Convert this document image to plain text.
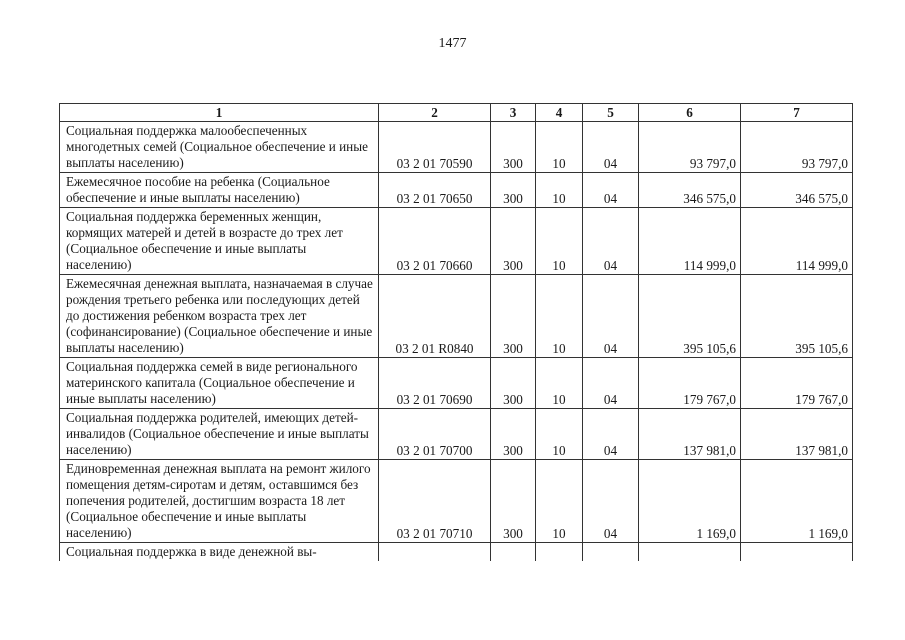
1477
1	2	3	4	5	6	7
Социальная поддержка малообеспеченных многодетных семей (Социальное обеспечение и иные выплаты населению)	03 2 01 70590	300	10	04	93 797,0	93 797,0
Ежемесячное пособие на ребенка (Социальное обеспечение и иные выплаты населению)	03 2 01 70650	300	10	04	346 575,0	346 575,0
Социальная поддержка беременных женщин, кормящих матерей и детей в возрасте до трех лет (Социальное обеспечение и иные выплаты населению)	03 2 01 70660	300	10	04	114 999,0	114 999,0
Ежемесячная денежная выплата, назначаемая в случае рождения третьего ребенка или последующих детей до достижения ребенком возраста трех лет (софинансирование) (Социальное обеспечение и иные выплаты населению)	03 2 01 R0840	300	10	04	395 105,6	395 105,6
Социальная поддержка семей в виде регионального материнского капитала (Социальное обеспечение и иные выплаты населению)	03 2 01 70690	300	10	04	179 767,0	179 767,0
Социальная поддержка родителей, имеющих детей-инвалидов (Социальное обеспечение и иные выплаты населению)	03 2 01 70700	300	10	04	137 981,0	137 981,0
Единовременная денежная выплата на ремонт жилого помещения детям-сиротам и детям, оставшимся без попечения родителей, достигшим возраста 18 лет (Социальное обеспечение и иные выплаты населению)	03 2 01 70710	300	10	04	1 169,0	1 169,0
Социальная поддержка в виде денежной вы-						
